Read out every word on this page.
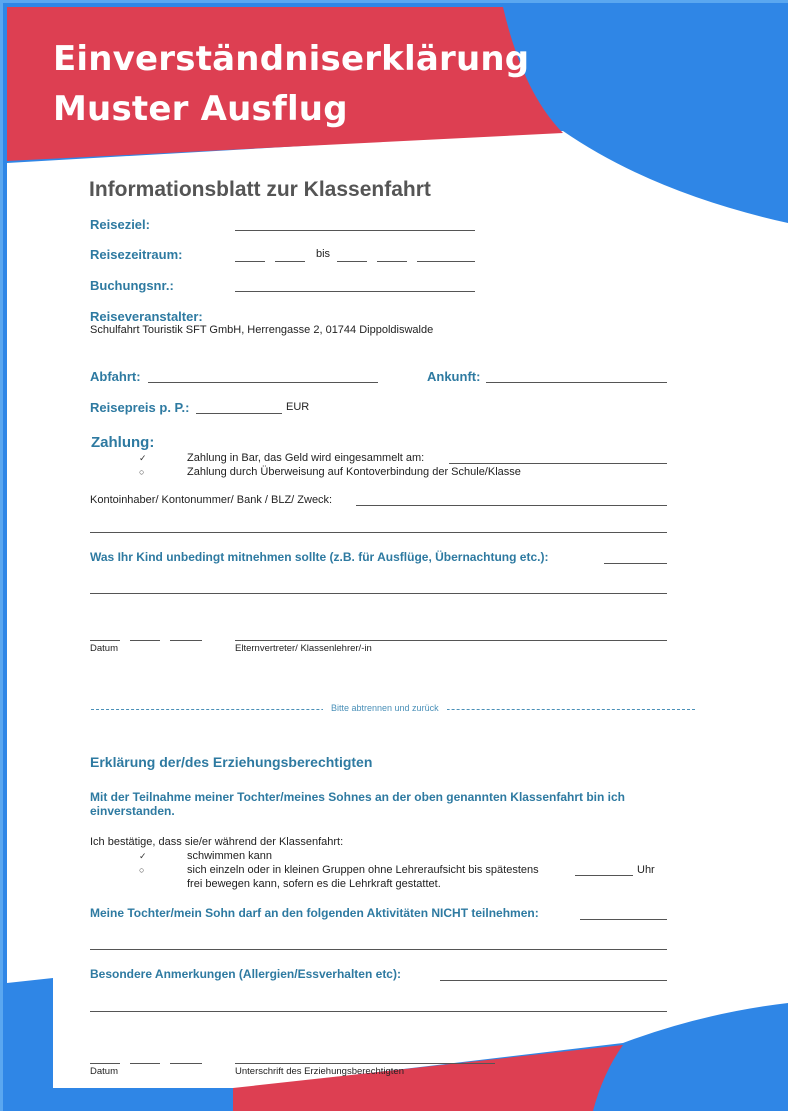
Einverständniserklärung
Muster Ausflug
Informationsblatt zur Klassenfahrt
Reiseziel:
Reisezeitraum:	bis
Buchungsnr.:
Reiseveranstalter:
Schulfahrt Touristik SFT GmbH, Herrengasse 2, 01744 Dippoldiswalde
Abfahrt:	Ankunft:
Reisepreis p. P.:	EUR
Zahlung:
✓	Zahlung in Bar, das Geld wird eingesammelt am:
○	Zahlung durch Überweisung auf Kontoverbindung der Schule/Klasse
Kontoinhaber/ Kontonummer/ Bank / BLZ/ Zweck:
Was Ihr Kind unbedingt mitnehmen sollte (z.B. für Ausflüge, Übernachtung etc.):
Datum	Elternvertreter/ Klassenlehrer/-in
Bitte abtrennen und zurück
Erklärung der/des Erziehungsberechtigten
Mit der Teilnahme meiner Tochter/meines Sohnes an der oben genannten Klassenfahrt bin ich
einverstanden.
Ich bestätige, dass sie/er während der Klassenfahrt:
✓	schwimmen kann
○	sich einzeln oder in kleinen Gruppen ohne Lehreraufsicht bis spätestens	Uhr
frei bewegen kann, sofern es die Lehrkraft gestattet.
Meine Tochter/mein Sohn darf an den folgenden Aktivitäten NICHT teilnehmen:
Besondere Anmerkungen (Allergien/Essverhalten etc):
Datum	Unterschrift des Erziehungsberechtigten
